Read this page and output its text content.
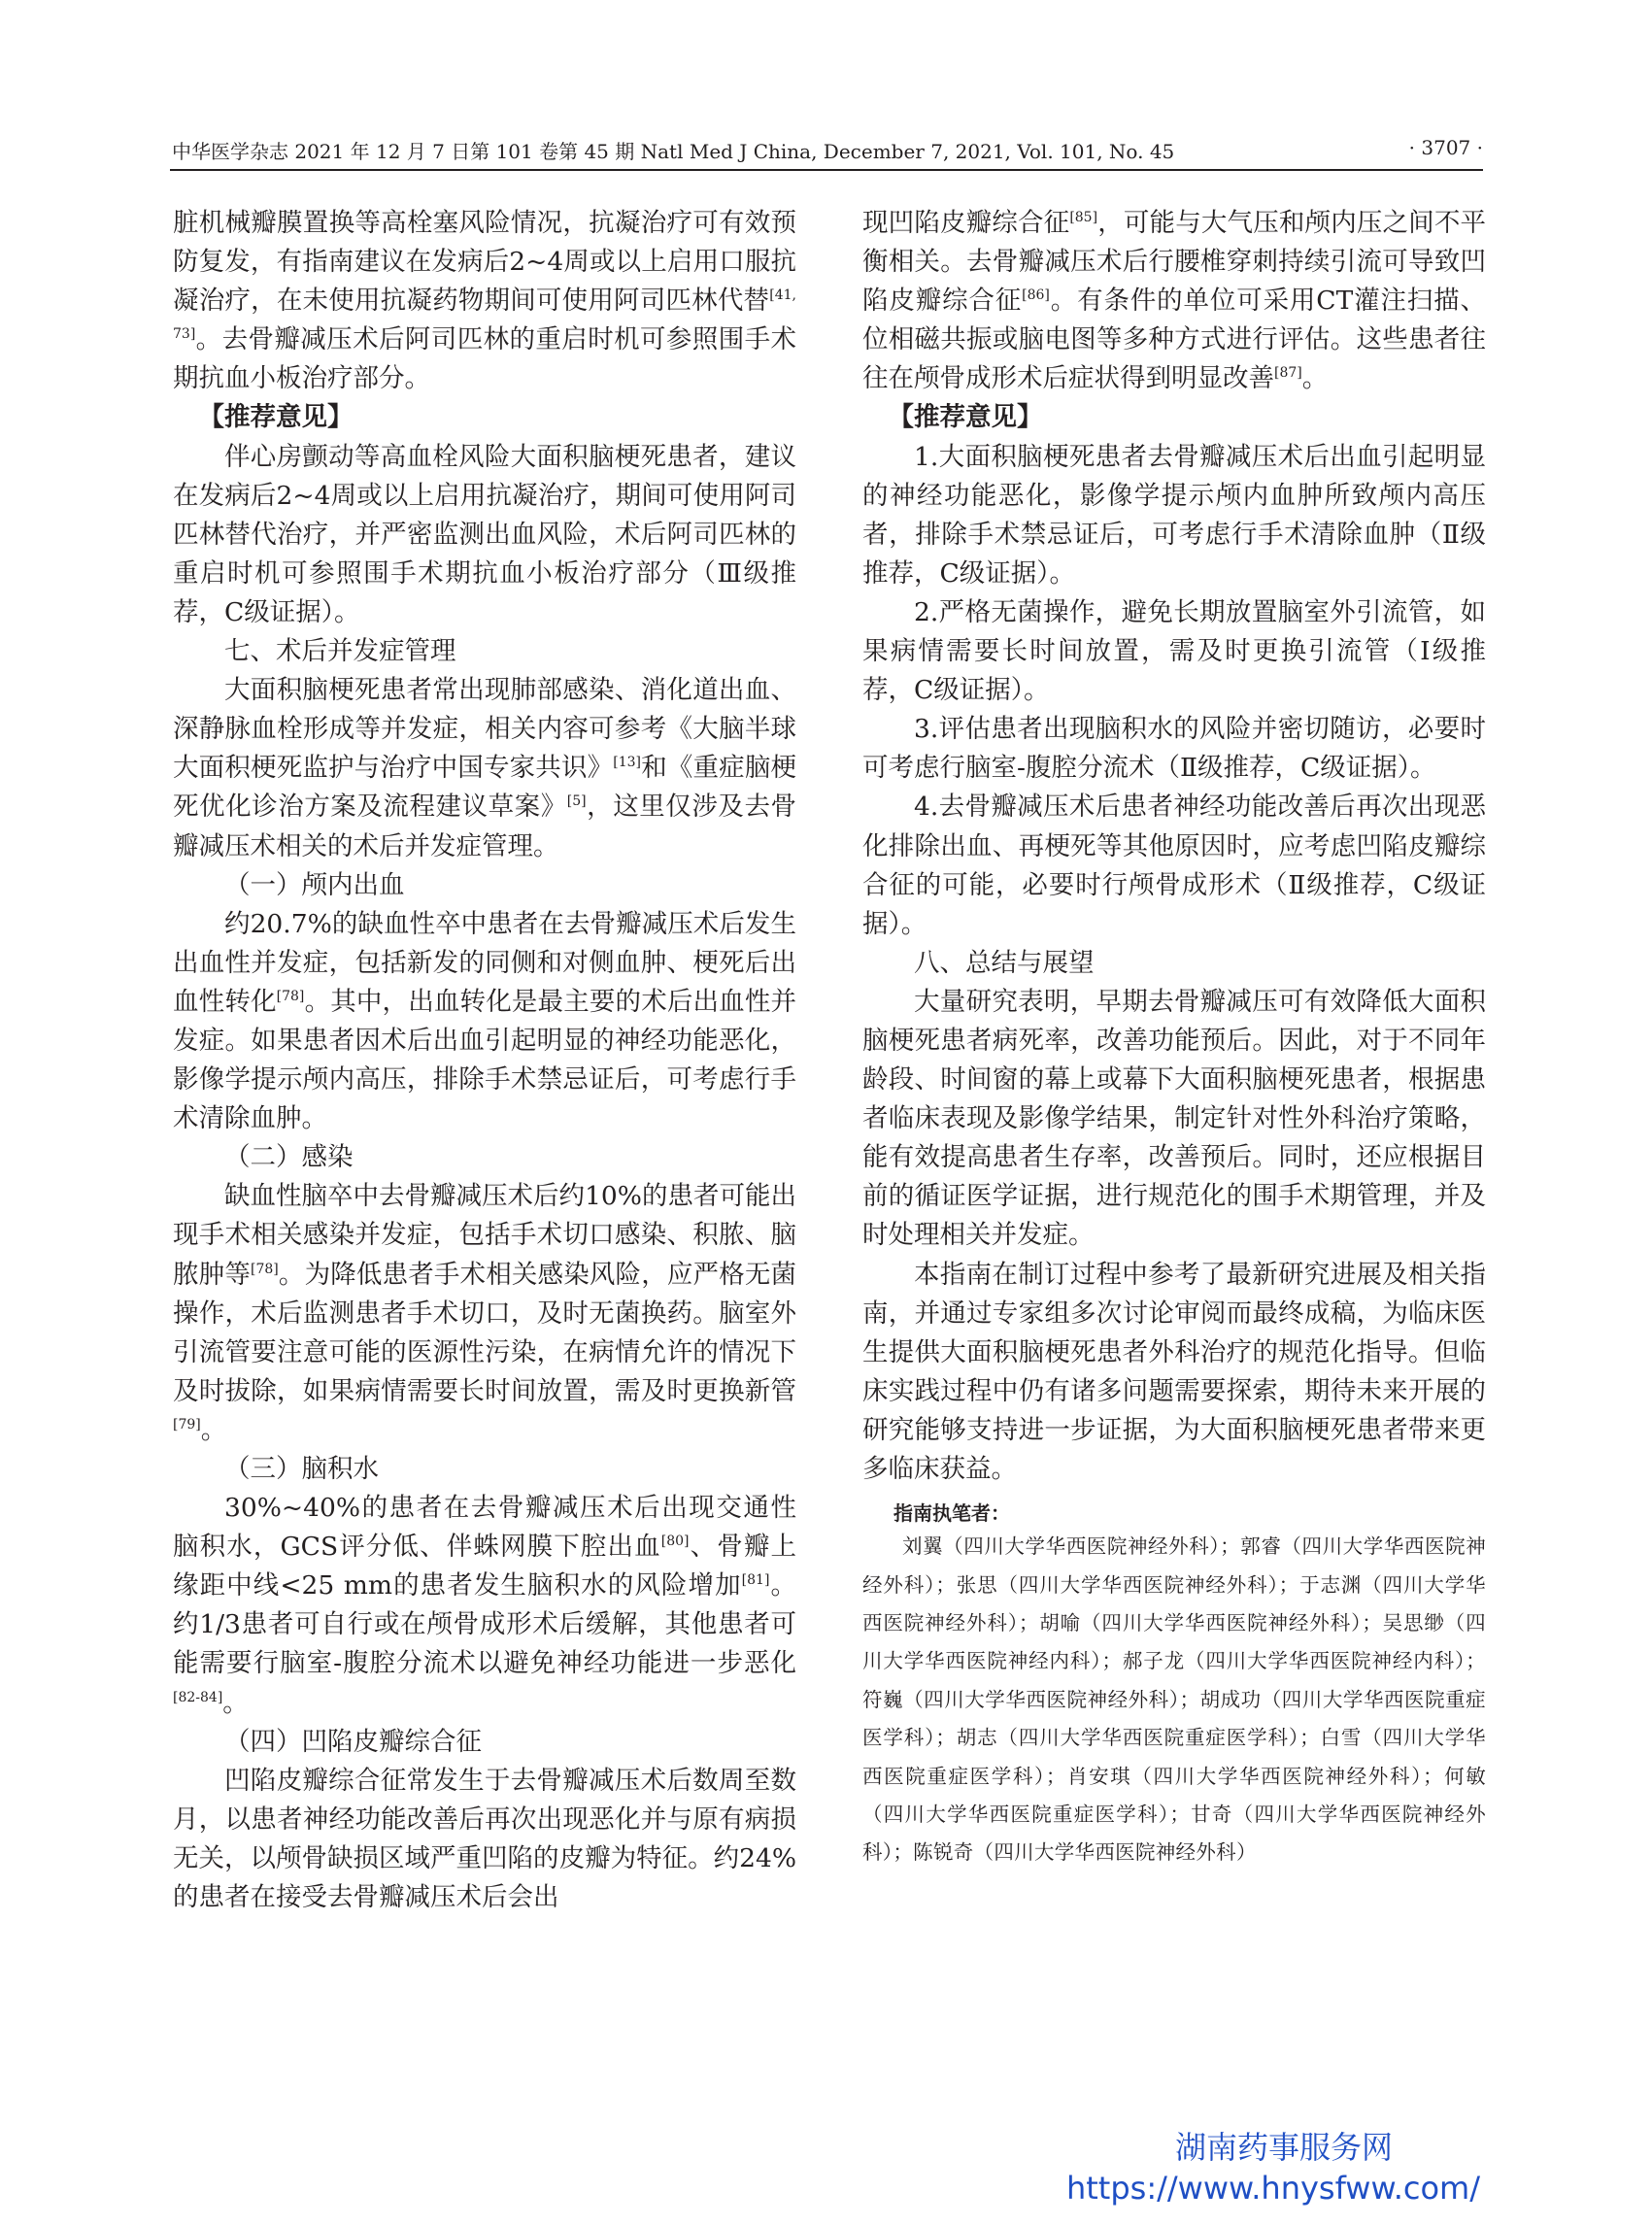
中华医学杂志 2021 年 12 月 7 日第 101 卷第 45 期 Natl Med J China, December 7, 2021, Vol. 101, No. 45	· 3707 ·

脏机械瓣膜置换等高栓塞风险情况，抗凝治疗可有效预防复发，有指南建议在发病后2~4周或以上启用口服抗凝治疗，在未使用抗凝药物期间可使用阿司匹林代替[41, 73]。去骨瓣减压术后阿司匹林的重启时机可参照围手术期抗血小板治疗部分。

【推荐意见】

伴心房颤动等高血栓风险大面积脑梗死患者，建议在发病后2~4周或以上启用抗凝治疗，期间可使用阿司匹林替代治疗，并严密监测出血风险，术后阿司匹林的重启时机可参照围手术期抗血小板治疗部分（Ⅲ级推荐，C级证据）。

七、术后并发症管理

大面积脑梗死患者常出现肺部感染、消化道出血、深静脉血栓形成等并发症，相关内容可参考《大脑半球大面积梗死监护与治疗中国专家共识》[13]和《重症脑梗死优化诊治方案及流程建议草案》[5]，这里仅涉及去骨瓣减压术相关的术后并发症管理。

（一）颅内出血

约20.7%的缺血性卒中患者在去骨瓣减压术后发生出血性并发症，包括新发的同侧和对侧血肿、梗死后出血性转化[78]。其中，出血转化是最主要的术后出血性并发症。如果患者因术后出血引起明显的神经功能恶化，影像学提示颅内高压，排除手术禁忌证后，可考虑行手术清除血肿。

（二）感染

缺血性脑卒中去骨瓣减压术后约10%的患者可能出现手术相关感染并发症，包括手术切口感染、积脓、脑脓肿等[78]。为降低患者手术相关感染风险，应严格无菌操作，术后监测患者手术切口，及时无菌换药。脑室外引流管要注意可能的医源性污染，在病情允许的情况下及时拔除，如果病情需要长时间放置，需及时更换新管[79]。

（三）脑积水

30%~40%的患者在去骨瓣减压术后出现交通性脑积水，GCS评分低、伴蛛网膜下腔出血[80]、骨瓣上缘距中线<25 mm的患者发生脑积水的风险增加[81]。约1/3患者可自行或在颅骨成形术后缓解，其他患者可能需要行脑室-腹腔分流术以避免神经功能进一步恶化[82-84]。

（四）凹陷皮瓣综合征

凹陷皮瓣综合征常发生于去骨瓣减压术后数周至数月，以患者神经功能改善后再次出现恶化并与原有病损无关，以颅骨缺损区域严重凹陷的皮瓣为特征。约24%的患者在接受去骨瓣减压术后会出

现凹陷皮瓣综合征[85]，可能与大气压和颅内压之间不平衡相关。去骨瓣减压术后行腰椎穿刺持续引流可导致凹陷皮瓣综合征[86]。有条件的单位可采用CT灌注扫描、位相磁共振或脑电图等多种方式进行评估。这些患者往往在颅骨成形术后症状得到明显改善[87]。

【推荐意见】

1.大面积脑梗死患者去骨瓣减压术后出血引起明显的神经功能恶化，影像学提示颅内血肿所致颅内高压者，排除手术禁忌证后，可考虑行手术清除血肿（Ⅱ级推荐，C级证据）。

2.严格无菌操作，避免长期放置脑室外引流管，如果病情需要长时间放置，需及时更换引流管（Ⅰ级推荐，C级证据）。

3.评估患者出现脑积水的风险并密切随访，必要时可考虑行脑室-腹腔分流术（Ⅱ级推荐，C级证据）。

4.去骨瓣减压术后患者神经功能改善后再次出现恶化排除出血、再梗死等其他原因时，应考虑凹陷皮瓣综合征的可能，必要时行颅骨成形术（Ⅱ级推荐，C级证据）。

八、总结与展望

大量研究表明，早期去骨瓣减压可有效降低大面积脑梗死患者病死率，改善功能预后。因此，对于不同年龄段、时间窗的幕上或幕下大面积脑梗死患者，根据患者临床表现及影像学结果，制定针对性外科治疗策略，能有效提高患者生存率，改善预后。同时，还应根据目前的循证医学证据，进行规范化的围手术期管理，并及时处理相关并发症。

本指南在制订过程中参考了最新研究进展及相关指南，并通过专家组多次讨论审阅而最终成稿，为临床医生提供大面积脑梗死患者外科治疗的规范化指导。但临床实践过程中仍有诸多问题需要探索，期待未来开展的研究能够支持进一步证据，为大面积脑梗死患者带来更多临床获益。

指南执笔者：

刘翼（四川大学华西医院神经外科）；郭睿（四川大学华西医院神经外科）；张思（四川大学华西医院神经外科）；于志渊（四川大学华西医院神经外科）；胡喻（四川大学华西医院神经外科）；吴思缈（四川大学华西医院神经内科）；郝子龙（四川大学华西医院神经内科）；符巍（四川大学华西医院神经外科）；胡成功（四川大学华西医院重症医学科）；胡志（四川大学华西医院重症医学科）；白雪（四川大学华西医院重症医学科）；肖安琪（四川大学华西医院神经外科）；何敏（四川大学华西医院重症医学科）；甘奇（四川大学华西医院神经外科）；陈锐奇（四川大学华西医院神经外科）

湖南药事服务网
https://www.hnysfww.com/
